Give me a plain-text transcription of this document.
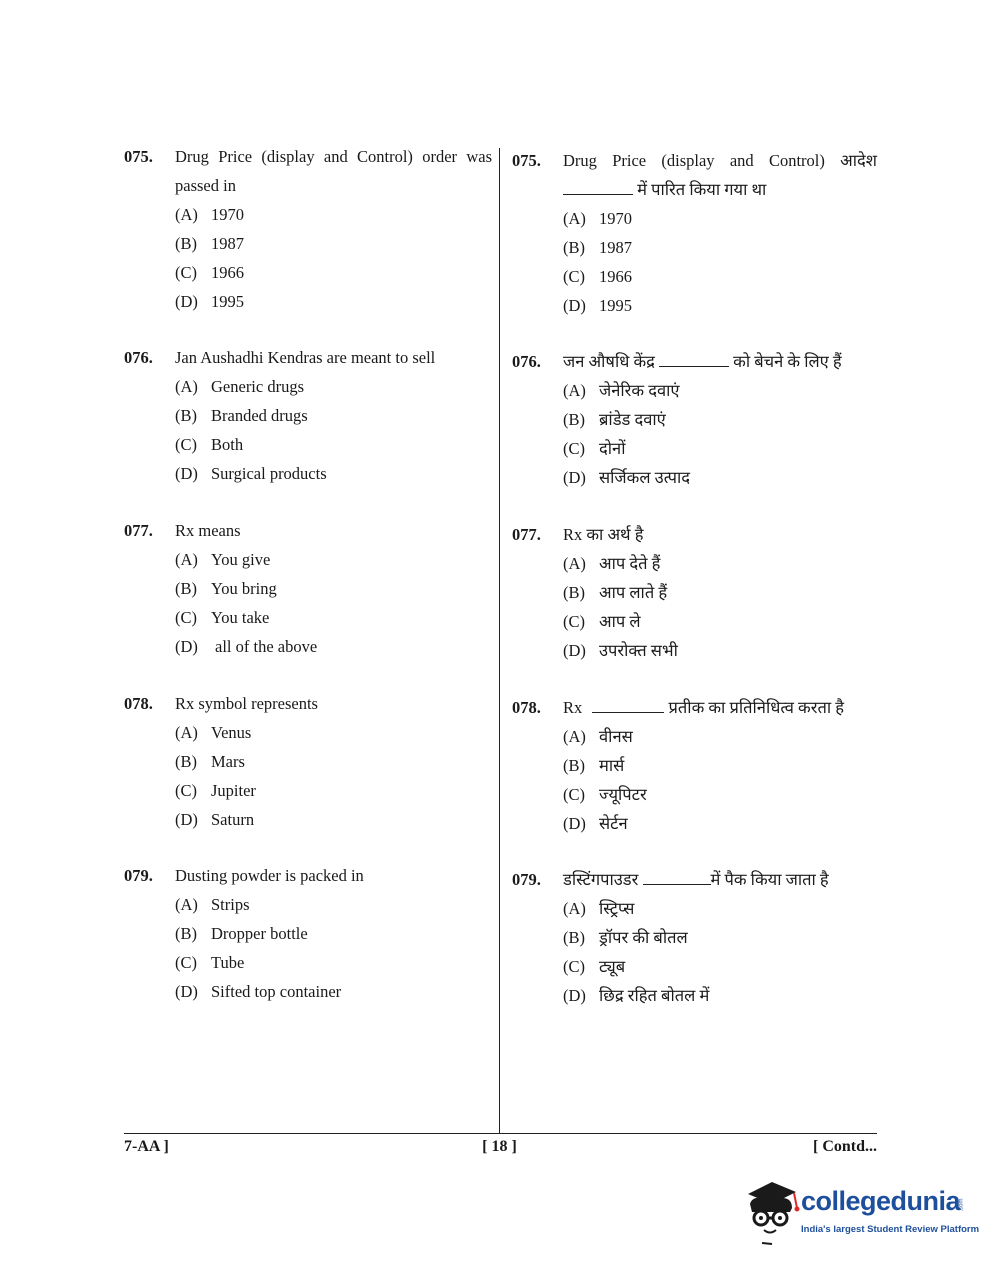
075. Drug Price (display and Control) order was
passed in
(A) 1970
(B) 1987
(C) 1966
(D) 1995
076. Jan Aushadhi Kendras are meant to sell
(A) Generic drugs
(B) Branded drugs
(C) Both
(D) Surgical products
077. Rx means
(A) You give
(B) You bring
(C) You take
(D) all of the above
078. Rx symbol represents
(A) Venus
(B) Mars
(C) Jupiter
(D) Saturn
079. Dusting powder is packed in
(A) Strips
(B) Dropper bottle
(C) Tube
(D) Sifted top container
075. Drug Price (display and Control) आदेश
में पारित किया गया था
(A) 1970
(B) 1987
(C) 1966
(D) 1995
076. जन औषधि केंद्र	को बेचने के लिए हैं
(A) जेनेरिक दवाएं
(B) ब्रांडेड दवाएं
(C) दोनों
(D) सर्जिकल उत्पाद
077. Rx का अर्थ है
(A) आप देते हैं
(B) आप लाते हैं
(C) आप ले
(D) उपरोक्त सभी
078. Rx	प्रतीक का प्रतिनिधित्व करता है
(A) वीनस
(B) मार्स
(C) ज्यूपिटर
(D) सेर्टन
079. डस्टिंगपाउडर	में पैक किया जाता है
(A) स्ट्रिप्स
(B) ड्रॉपर की बोतल
(C) ट्यूब
(D) छिद्र रहित बोतल में
7-AA ]	[ 18 ]	[ Contd...
collegedunia
.com
India's largest Student Review Platform
